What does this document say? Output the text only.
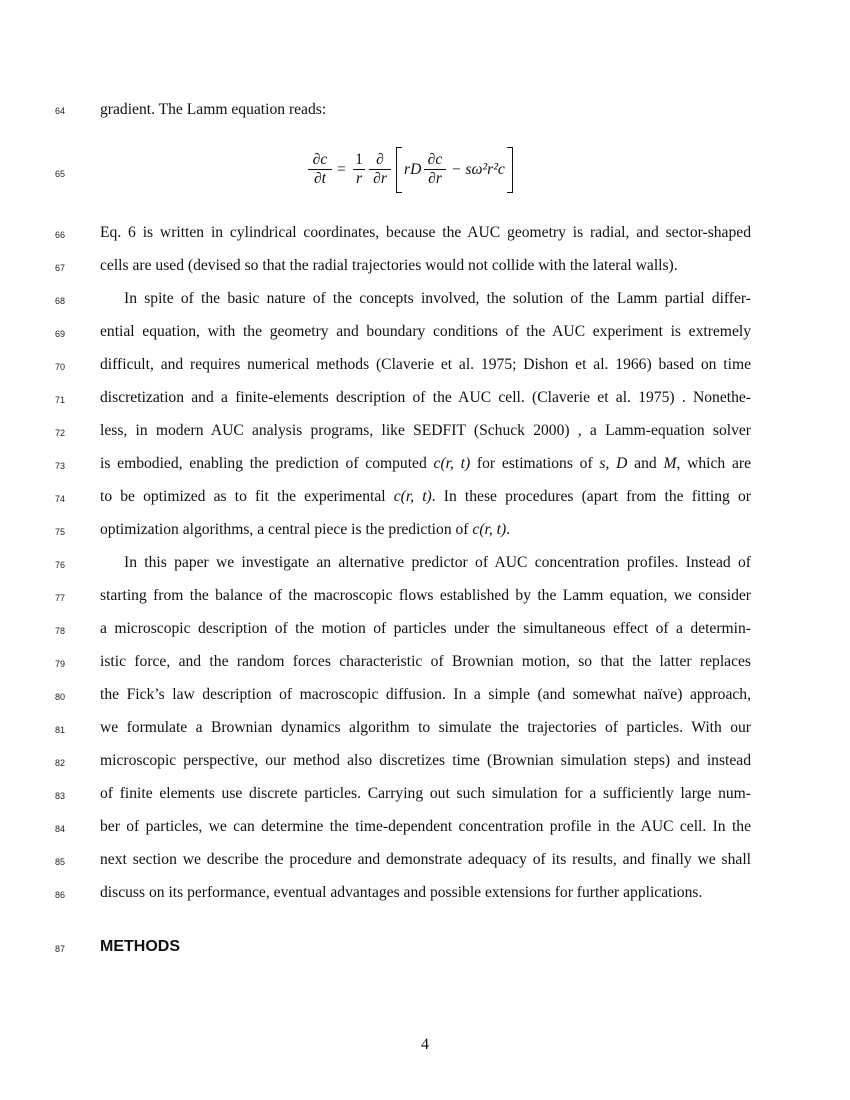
64
65
66
67
68
69
70
71
72
73
74
75
76
77
78
79
80
81
82
83
84
85
86
87
gradient. The Lamm equation reads:
∂c
∂t
=
1
r
∂
∂r
rD
∂c
∂r
− sω²r²c
Eq. 6 is written in cylindrical coordinates, because the AUC geometry is radial, and sector-shaped
cells are used (devised so that the radial trajectories would not collide with the lateral walls).
In spite of the basic nature of the concepts involved, the solution of the Lamm partial differ-
ential equation, with the geometry and boundary conditions of the AUC experiment is extremely
difficult, and requires numerical methods (Claverie et al. 1975; Dishon et al. 1966) based on time
discretization and a finite-elements description of the AUC cell. (Claverie et al. 1975) . Nonethe-
less, in modern AUC analysis programs, like SEDFIT (Schuck 2000) , a Lamm-equation solver
is embodied, enabling the prediction of computed c(r, t) for estimations of s, D and M, which are
to be optimized as to fit the experimental c(r, t). In these procedures (apart from the fitting or
optimization algorithms, a central piece is the prediction of c(r, t).
In this paper we investigate an alternative predictor of AUC concentration profiles. Instead of
starting from the balance of the macroscopic flows established by the Lamm equation, we consider
a microscopic description of the motion of particles under the simultaneous effect of a determin-
istic force, and the random forces characteristic of Brownian motion, so that the latter replaces
the Fick’s law description of macroscopic diffusion. In a simple (and somewhat naïve) approach,
we formulate a Brownian dynamics algorithm to simulate the trajectories of particles. With our
microscopic perspective, our method also discretizes time (Brownian simulation steps) and instead
of finite elements use discrete particles. Carrying out such simulation for a sufficiently large num-
ber of particles, we can determine the time-dependent concentration profile in the AUC cell. In the
next section we describe the procedure and demonstrate adequacy of its results, and finally we shall
discuss on its performance, eventual advantages and possible extensions for further applications.
METHODS
4
